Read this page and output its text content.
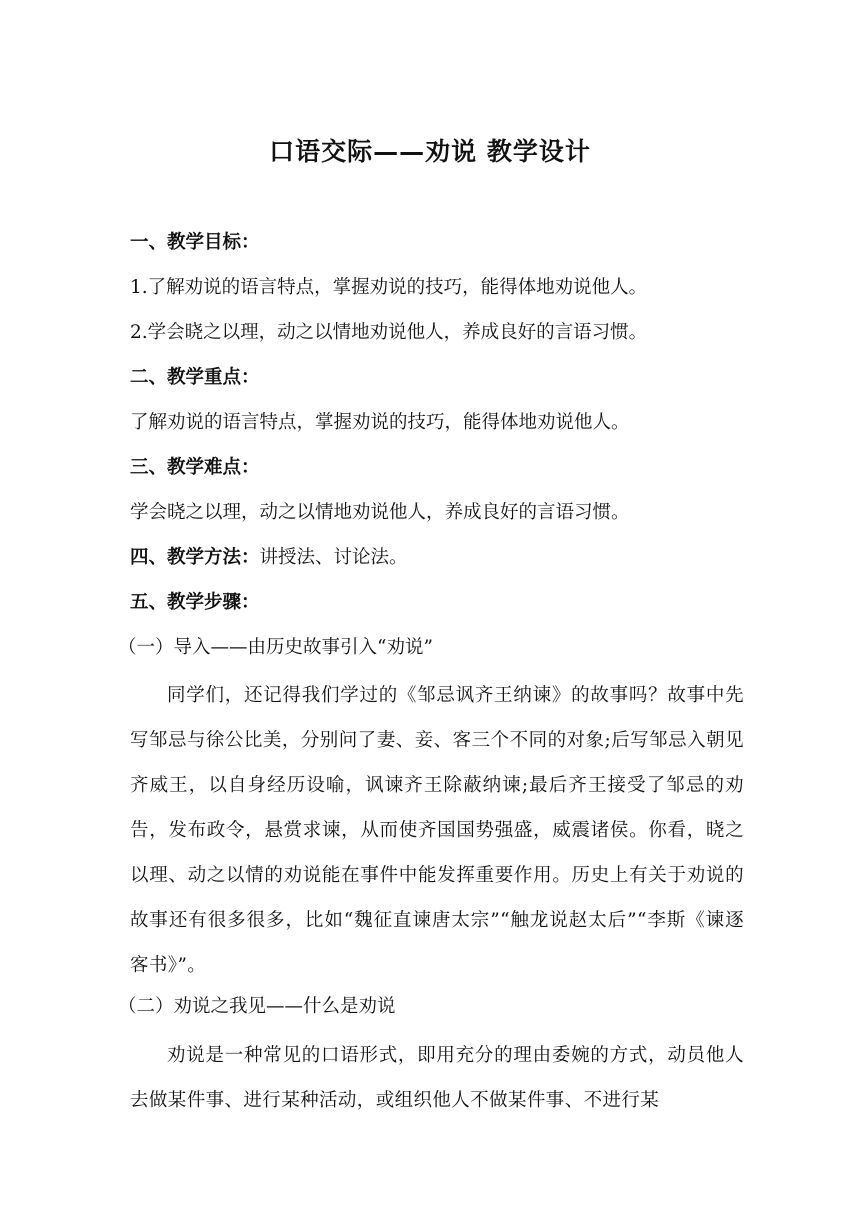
口语交际——劝说 教学设计
一、教学目标：
1.了解劝说的语言特点，掌握劝说的技巧，能得体地劝说他人。
2.学会晓之以理，动之以情地劝说他人，养成良好的言语习惯。
二、教学重点：
了解劝说的语言特点，掌握劝说的技巧，能得体地劝说他人。
三、教学难点：
学会晓之以理，动之以情地劝说他人，养成良好的言语习惯。
四、教学方法：讲授法、讨论法。
五、教学步骤：
（一）导入——由历史故事引入“劝说”
同学们，还记得我们学过的《邹忌讽齐王纳谏》的故事吗？故事中先写邹忌与徐公比美，分别问了妻、妾、客三个不同的对象;后写邹忌入朝见齐威王，以自身经历设喻，讽谏齐王除蔽纳谏;最后齐王接受了邹忌的劝告，发布政令，悬赏求谏，从而使齐国国势强盛，威震诸侯。你看，晓之以理、动之以情的劝说能在事件中能发挥重要作用。历史上有关于劝说的故事还有很多很多，比如“魏征直谏唐太宗”“触龙说赵太后”“李斯《谏逐客书》”。
（二）劝说之我见——什么是劝说
劝说是一种常见的口语形式，即用充分的理由委婉的方式，动员他人去做某件事、进行某种活动，或组织他人不做某件事、不进行某
